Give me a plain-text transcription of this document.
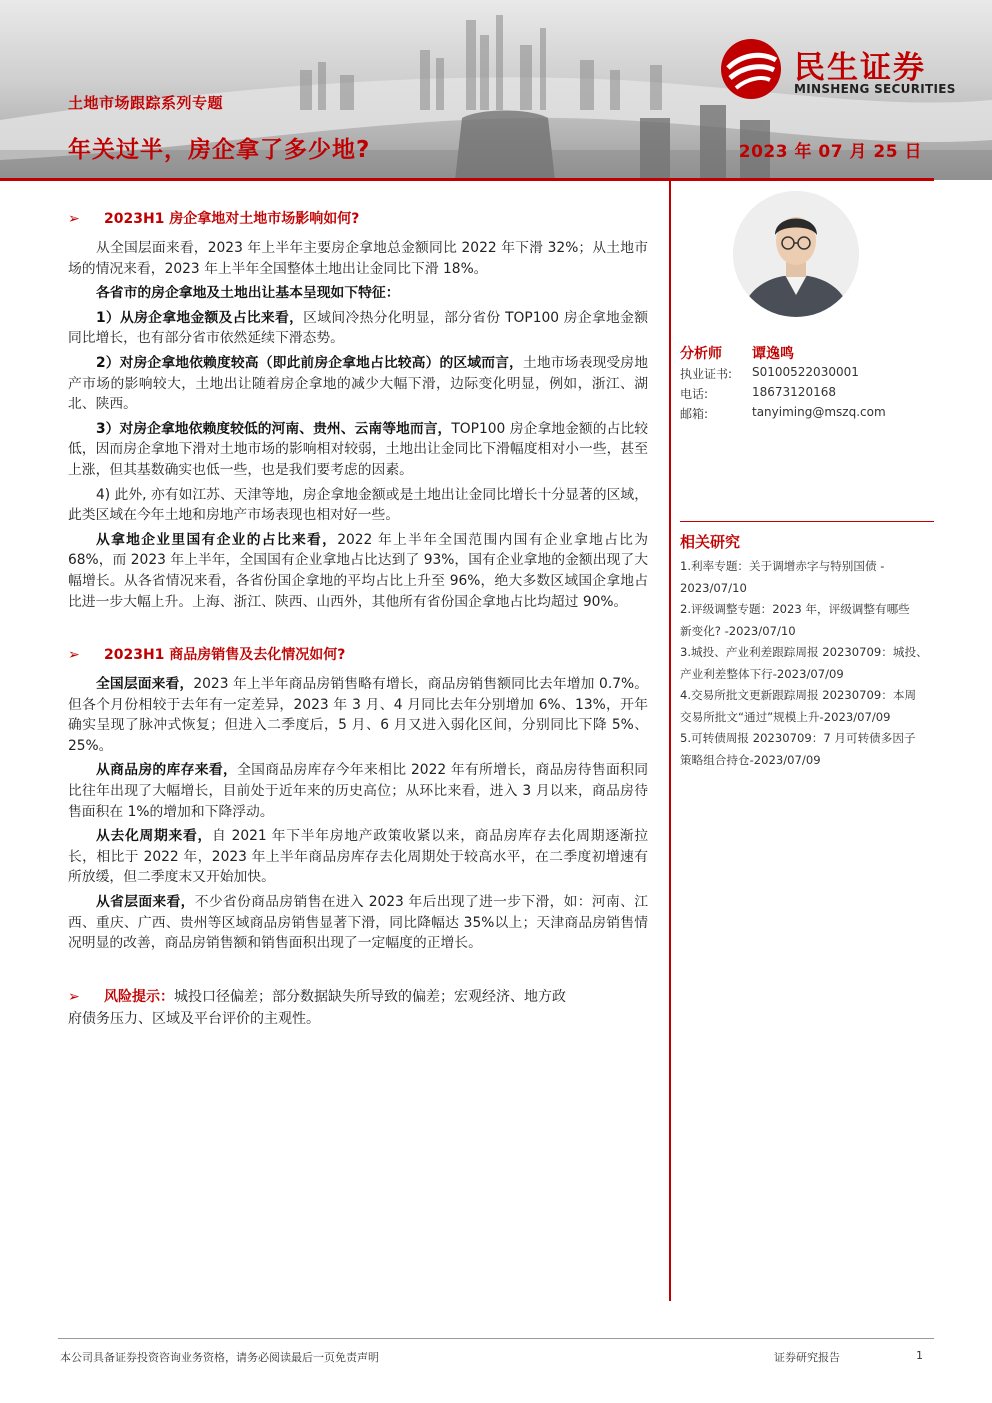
土地市场跟踪系列专题
年关过半，房企拿了多少地?	2023 年 07 月 25 日
民生证券
MINSHENG SECURITIES
➢ 2023H1 房企拿地对土地市场影响如何?

从全国层面来看，2023 年上半年主要房企拿地总金额同比 2022 年下滑 32%；从土地市场的情况来看，2023 年上半年全国整体土地出让金同比下滑 18%。

各省市的房企拿地及土地出让基本呈现如下特征：

1）从房企拿地金额及占比来看，区域间冷热分化明显，部分省份 TOP100 房企拿地金额同比增长，也有部分省市依然延续下滑态势。

2）对房企拿地依赖度较高（即此前房企拿地占比较高）的区域而言，土地市场表现受房地产市场的影响较大，土地出让随着房企拿地的减少大幅下滑，边际变化明显，例如，浙江、湖北、陕西。

3）对房企拿地依赖度较低的河南、贵州、云南等地而言，TOP100 房企拿地金额的占比较低，因而房企拿地下滑对土地市场的影响相对较弱，土地出让金同比下滑幅度相对小一些，甚至上涨，但其基数确实也低一些，也是我们要考虑的因素。

4) 此外, 亦有如江苏、天津等地，房企拿地金额或是土地出让金同比增长十分显著的区域，此类区域在今年土地和房地产市场表现也相对好一些。

从拿地企业里国有企业的占比来看，2022 年上半年全国范围内国有企业拿地占比为 68%，而 2023 年上半年，全国国有企业拿地占比达到了 93%，国有企业拿地的金额出现了大幅增长。从各省情况来看，各省份国企拿地的平均占比上升至 96%，绝大多数区域国企拿地占比进一步大幅上升。上海、浙江、陕西、山西外，其他所有省份国企拿地占比均超过 90%。

➢ 2023H1 商品房销售及去化情况如何?

全国层面来看，2023 年上半年商品房销售略有增长，商品房销售额同比去年增加 0.7%。但各个月份相较于去年有一定差异，2023 年 3 月、4 月同比去年分别增加 6%、13%，开年确实呈现了脉冲式恢复；但进入二季度后，5 月、6 月又进入弱化区间，分别同比下降 5%、25%。

从商品房的库存来看，全国商品房库存今年来相比 2022 年有所增长，商品房待售面积同比往年出现了大幅增长，目前处于近年来的历史高位；从环比来看，进入 3 月以来，商品房待售面积在 1%的增加和下降浮动。

从去化周期来看，自 2021 年下半年房地产政策收紧以来，商品房库存去化周期逐渐拉长，相比于 2022 年，2023 年上半年商品房库存去化周期处于较高水平，在二季度初增速有所放缓，但二季度末又开始加快。

从省层面来看，不少省份商品房销售在进入 2023 年后出现了进一步下滑，如：河南、江西、重庆、广西、贵州等区域商品房销售显著下滑，同比降幅达 35%以上；天津商品房销售情况明显的改善，商品房销售额和销售面积出现了一定幅度的正增长。

➢ 风险提示：城投口径偏差；部分数据缺失所导致的偏差；宏观经济、地方政
府债务压力、区域及平台评价的主观性。
分析师 谭逸鸣
执业证书: S0100522030001
电话:	18673120168
邮箱:	tanyiming@mszq.com
相关研究
1.利率专题：关于调增赤字与特别国债 -
2023/07/10
2.评级调整专题：2023 年，评级调整有哪些
新变化? -2023/07/10
3.城投、产业利差跟踪周报 20230709：城投、
产业利差整体下行-2023/07/09
4.交易所批文更新跟踪周报 20230709：本周
交易所批文“通过”规模上升-2023/07/09
5.可转债周报 20230709：7 月可转债多因子
策略组合持仓-2023/07/09
本公司具备证券投资咨询业务资格，请务必阅读最后一页免责声明	证券研究报告	1
